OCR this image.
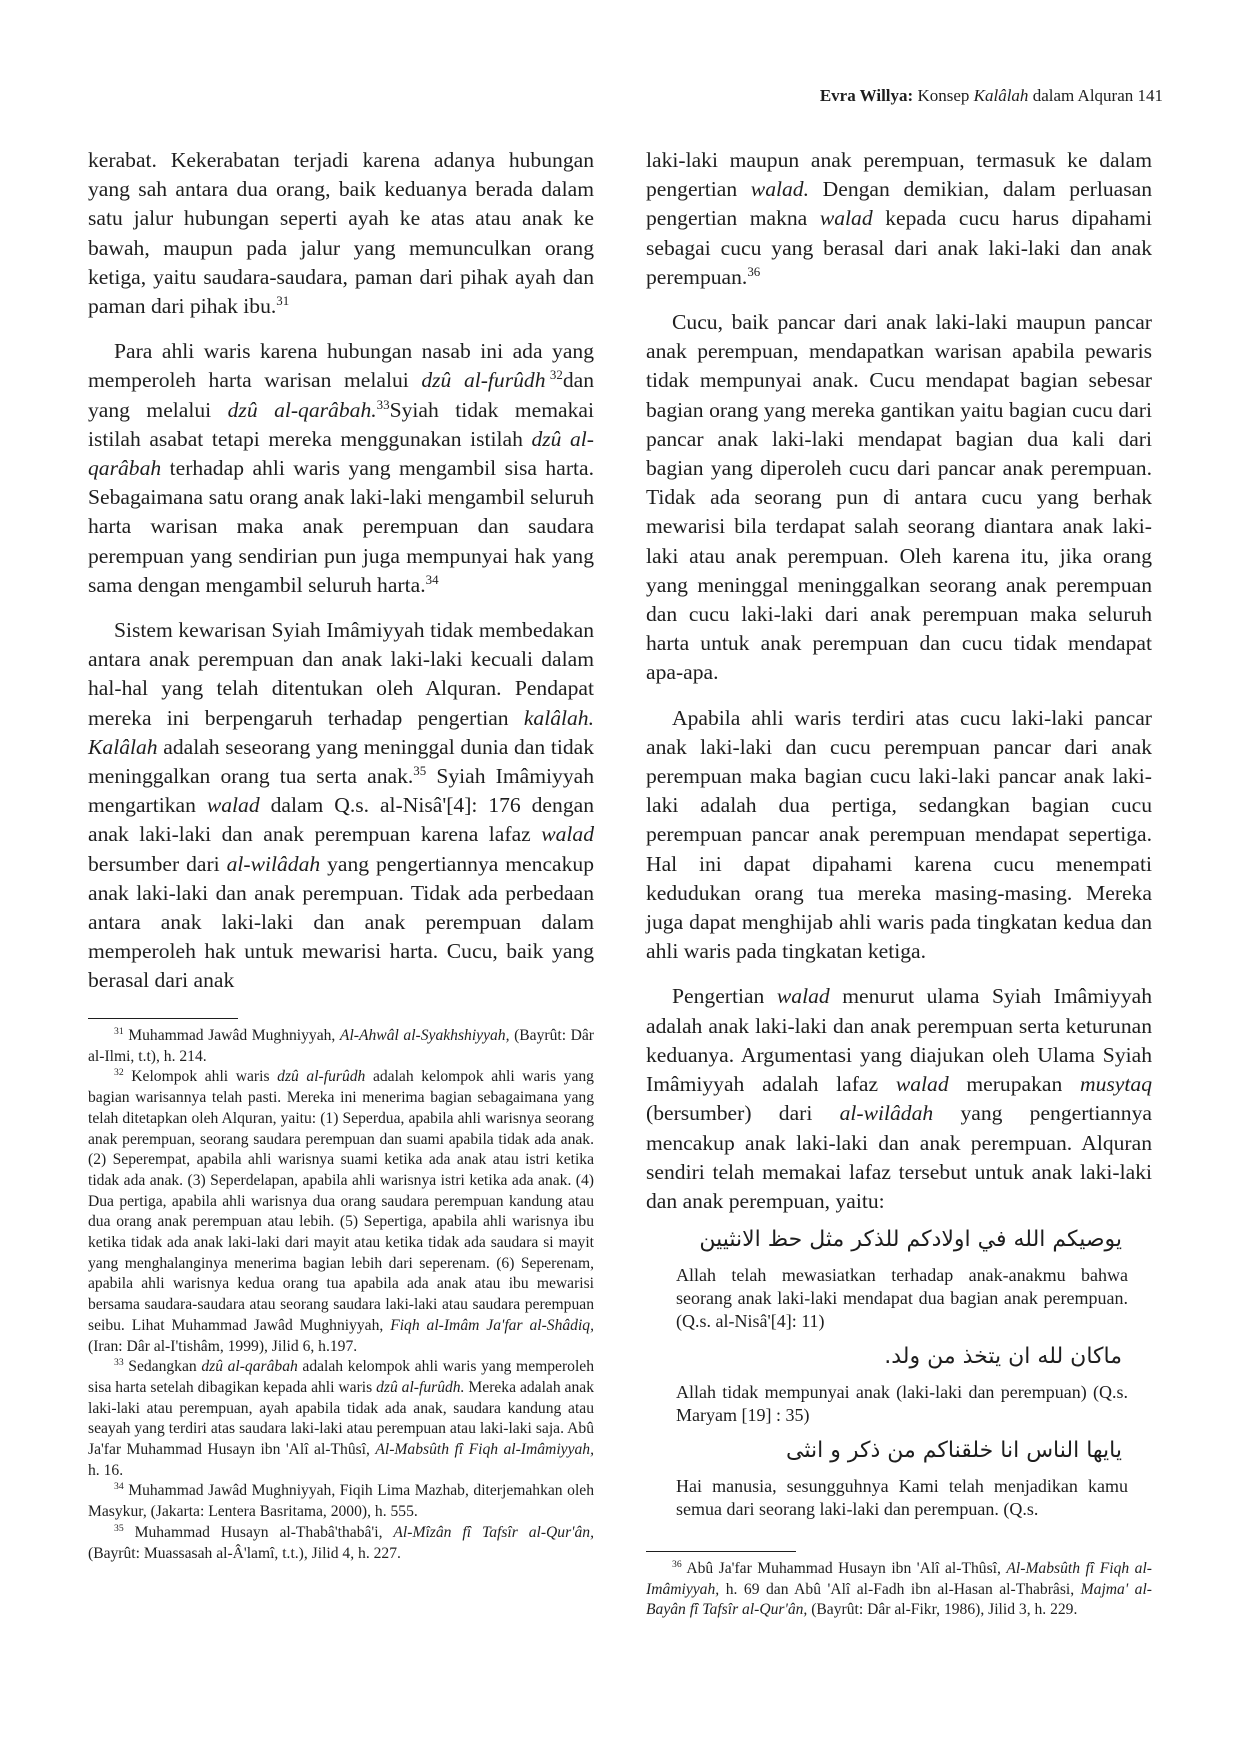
Evra Willya: Konsep Kalâlah dalam Alquran 141

kerabat. Kekerabatan terjadi karena adanya hubungan yang sah antara dua orang, baik keduanya berada dalam satu jalur hubungan seperti ayah ke atas atau anak ke bawah, maupun pada jalur yang memunculkan orang ketiga, yaitu saudara-saudara, paman dari pihak ayah dan paman dari pihak ibu.$^{31}$

Para ahli waris karena hubungan nasab ini ada yang memperoleh harta warisan melalui dzû al-furûdh  $^{32}$dan yang melalui dzû al-qarâbah.$^{33}$Syiah tidak memakai istilah asabat tetapi mereka menggunakan istilah dzû al-qarâbah terhadap ahli waris yang mengambil sisa harta. Sebagaimana satu orang anak laki-laki mengambil seluruh harta warisan maka anak perempuan dan saudara perempuan yang sendirian pun juga mempunyai hak yang sama dengan mengambil seluruh harta.$^{34}$

Sistem kewarisan Syiah Imâmiyyah tidak membedakan antara anak perempuan dan anak laki-laki kecuali dalam hal-hal yang telah ditentukan oleh Alquran. Pendapat mereka ini berpengaruh terhadap pengertian kalâlah. Kalâlah adalah seseorang yang meninggal dunia dan tidak meninggalkan orang tua serta anak.$^{35}$ Syiah Imâmiyyah mengartikan walad dalam Q.s. al-Nisâ'[4]: 176 dengan anak laki-laki dan anak perempuan karena lafaz walad bersumber dari al-wilâdah yang pengertiannya mencakup anak laki-laki dan anak perempuan. Tidak ada perbedaan antara anak laki-laki dan anak perempuan dalam memperoleh hak untuk mewarisi harta. Cucu, baik yang berasal dari anak

$^{31}$ Muhammad Jawâd Mughniyyah, Al-Ahwâl al-Syakhshiyyah, (Bayrût: Dâr al-Ilmi, t.t), h. 214.

$^{32}$ Kelompok ahli waris dzû al-furûdh adalah kelompok ahli waris yang bagian warisannya telah pasti. Mereka ini menerima bagian sebagaimana yang telah ditetapkan oleh Alquran, yaitu: (1) Seperdua, apabila ahli warisnya seorang anak perempuan, seorang saudara perempuan dan suami apabila tidak ada anak. (2) Seperempat, apabila ahli warisnya suami ketika ada anak atau istri ketika tidak ada anak. (3) Seperdelapan, apabila ahli warisnya istri ketika ada anak. (4) Dua pertiga, apabila ahli warisnya dua orang saudara perempuan kandung atau dua orang anak perempuan atau lebih. (5) Sepertiga, apabila ahli warisnya ibu ketika tidak ada anak laki-laki dari mayit atau ketika tidak ada saudara si mayit yang menghalanginya menerima bagian lebih dari seperenam. (6) Seperenam, apabila ahli warisnya kedua orang tua apabila ada anak atau ibu mewarisi bersama saudara-saudara atau seorang saudara laki-laki atau saudara perempuan seibu. Lihat Muhammad Jawâd Mughniyyah, Fiqh al-Imâm Ja'far al-Shâdiq, (Iran: Dâr al-I'tishâm, 1999), Jilid 6, h.197.

$^{33}$ Sedangkan dzû al-qarâbah adalah kelompok ahli waris yang memperoleh sisa harta setelah dibagikan kepada ahli waris dzû al-furûdh. Mereka adalah anak laki-laki atau perempuan, ayah apabila tidak ada anak, saudara kandung atau seayah yang terdiri atas saudara laki-laki atau perempuan atau laki-laki saja. Abû Ja'far Muhammad Husayn ibn 'Alî al-Thûsî, Al-Mabsûth fî Fiqh al-Imâmiyyah, h. 16.

$^{34}$ Muhammad Jawâd Mughniyyah, Fiqih Lima Mazhab, diterjemahkan oleh Masykur, (Jakarta: Lentera Basritama, 2000), h. 555.

$^{35}$ Muhammad Husayn al-Thabâ'thabâ'i, Al-Mîzân fî Tafsîr al-Qur'ân, (Bayrût: Muassasah al-Â'lamî, t.t.), Jilid 4, h. 227.

laki-laki maupun anak perempuan, termasuk ke dalam pengertian walad. Dengan demikian, dalam perluasan pengertian makna walad kepada cucu harus dipahami sebagai cucu yang berasal dari anak laki-laki dan anak perempuan.$^{36}$

Cucu, baik pancar dari anak laki-laki maupun pancar anak perempuan, mendapatkan warisan apabila pewaris tidak mempunyai anak. Cucu mendapat bagian sebesar bagian orang yang mereka gantikan yaitu bagian cucu dari pancar anak laki-laki mendapat bagian dua kali dari bagian yang diperoleh cucu dari pancar anak perempuan. Tidak ada seorang pun di antara cucu yang berhak mewarisi bila terdapat salah seorang diantara anak laki-laki atau anak perempuan. Oleh karena itu, jika orang yang meninggal meninggalkan seorang anak perempuan dan cucu laki-laki dari anak perempuan maka seluruh harta untuk anak perempuan dan cucu tidak mendapat apa-apa.

Apabila ahli waris terdiri atas cucu laki-laki pancar anak laki-laki dan cucu perempuan pancar dari anak perempuan maka bagian cucu laki-laki pancar anak laki-laki adalah dua pertiga, sedangkan bagian cucu perempuan pancar anak perempuan mendapat sepertiga. Hal ini dapat dipahami karena cucu menempati kedudukan orang tua mereka masing-masing. Mereka juga dapat menghijab ahli waris pada tingkatan kedua dan ahli waris pada tingkatan ketiga.

Pengertian walad menurut ulama Syiah Imâmiyyah adalah anak laki-laki dan anak perempuan serta keturunan keduanya. Argumentasi yang diajukan oleh Ulama Syiah Imâmiyyah adalah lafaz walad merupakan musytaq (bersumber) dari al-wilâdah yang pengertiannya mencakup anak laki-laki dan anak perempuan. Alquran sendiri telah memakai lafaz tersebut untuk anak laki-laki dan anak perempuan, yaitu:

يوصيكم الله في اولادكم للذكر مثل حظ الانثيين
Allah telah mewasiatkan terhadap anak-anakmu bahwa seorang anak laki-laki mendapat dua bagian anak perempuan. (Q.s. al-Nisâ'[4]: 11)
ماكان لله ان يتخذ من ولد.
Allah tidak mempunyai anak (laki-laki dan perempuan) (Q.s. Maryam [19] : 35)
يايها الناس انا خلقناكم من ذكر و انثى
Hai manusia, sesungguhnya Kami telah menjadikan kamu semua dari seorang laki-laki dan perempuan. (Q.s.

$^{36}$ Abû Ja'far Muhammad Husayn ibn 'Alî al-Thûsî, Al-Mabsûth fî Fiqh al-Imâmiyyah, h. 69 dan Abû 'Alî al-Fadh ibn al-Hasan al-Thabrâsi, Majma' al-Bayân fî Tafsîr al-Qur'ân, (Bayrût: Dâr al-Fikr, 1986), Jilid 3, h. 229.
